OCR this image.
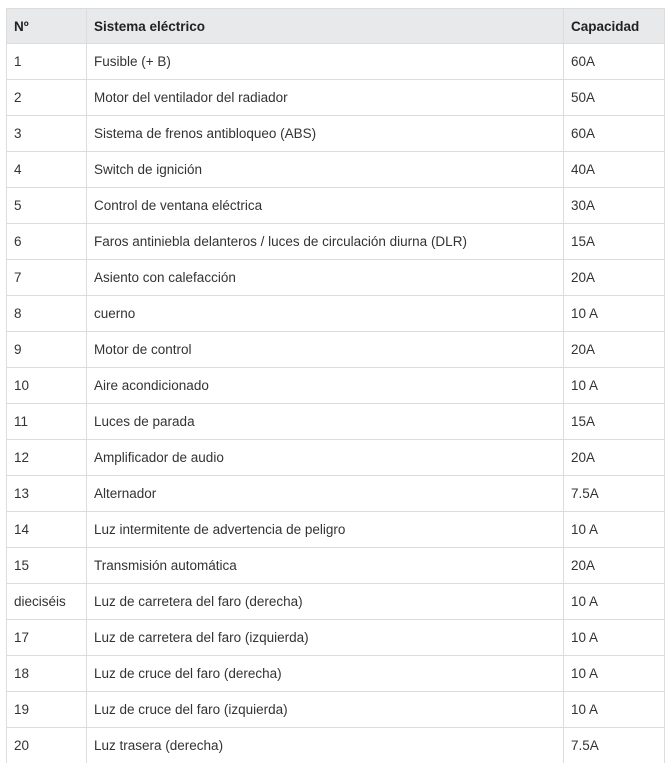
Nº	Sistema eléctrico	Capacidad
1	Fusible (+ B)	60A
2	Motor del ventilador del radiador	50A
3	Sistema de frenos antibloqueo (ABS)	60A
4	Switch de ignición	40A
5	Control de ventana eléctrica	30A
6	Faros antiniebla delanteros / luces de circulación diurna (DLR)	15A
7	Asiento con calefacción	20A
8	cuerno	10 A
9	Motor de control	20A
10	Aire acondicionado	10 A
11	Luces de parada	15A
12	Amplificador de audio	20A
13	Alternador	7.5A
14	Luz intermitente de advertencia de peligro	10 A
15	Transmisión automática	20A
dieciséis	Luz de carretera del faro (derecha)	10 A
17	Luz de carretera del faro (izquierda)	10 A
18	Luz de cruce del faro (derecha)	10 A
19	Luz de cruce del faro (izquierda)	10 A
20	Luz trasera (derecha)	7.5A
